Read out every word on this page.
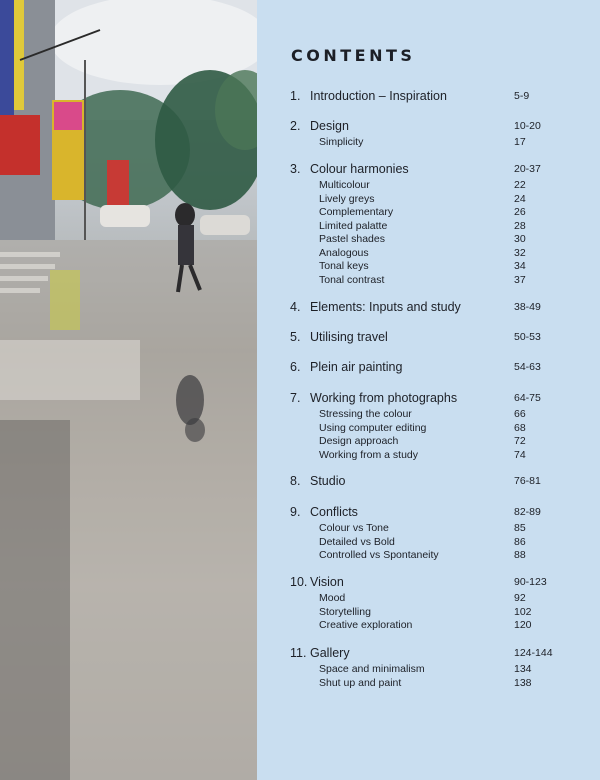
CONTENTS
1. Introduction – Inspiration	5-9
2. Design	10-20
Simplicity	17
3. Colour harmonies	20-37
Multicolour	22
Lively greys	24
Complementary	26
Limited palatte	28
Pastel shades	30
Analogous	32
Tonal keys	34
Tonal contrast	37
4. Elements: Inputs and study	38-49
5. Utilising travel	50-53
6. Plein air painting	54-63
7. Working from photographs	64-75
Stressing the colour	66
Using computer editing	68
Design approach	72
Working from a study	74
8. Studio	76-81
9. Conflicts	82-89
Colour vs Tone	85
Detailed vs Bold	86
Controlled vs Spontaneity	88
10. Vision	90-123
Mood	92
Storytelling	102
Creative exploration	120
11. Gallery	124-144
Space and minimalism	134
Shut up and paint	138
